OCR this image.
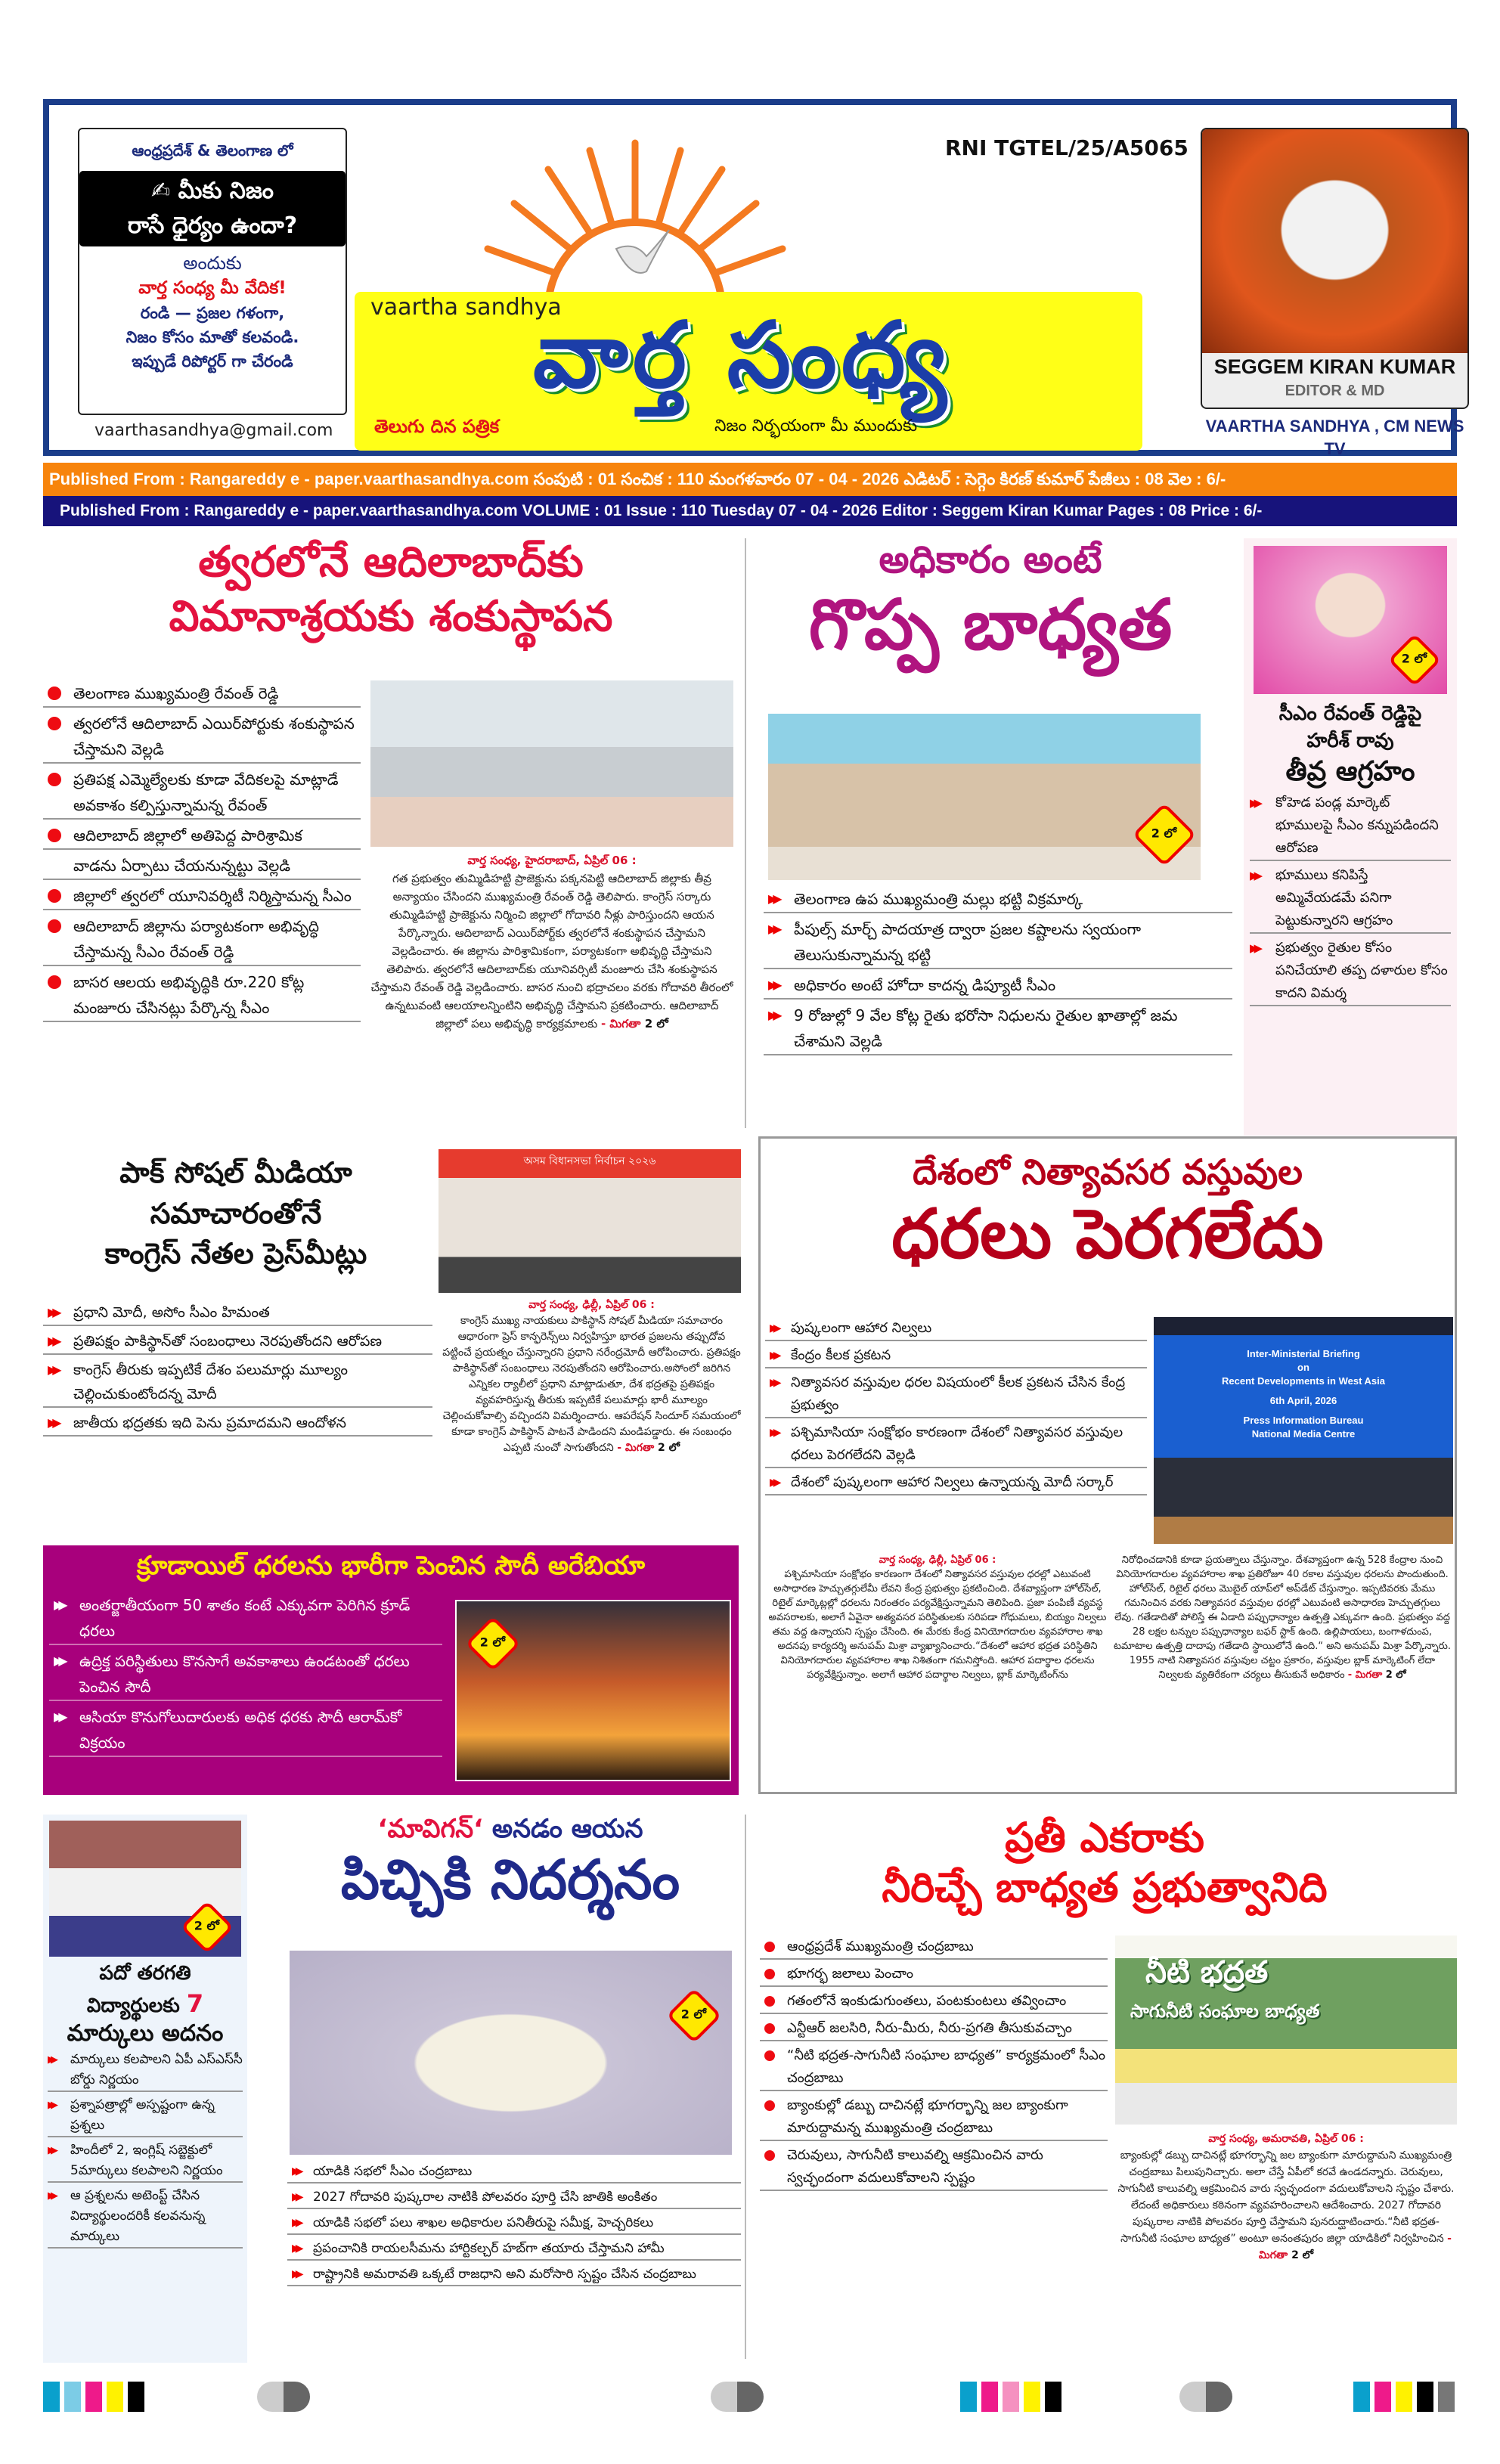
ఆంధ్రప్రదేశ్ & తెలంగాణ లో
✍ మీకు నిజం
రాసే ధైర్యం ఉందా?
అందుకు
వార్త సంధ్య మీ వేదిక!
రండి — ప్రజల గళంగా,
నిజం కోసం మాతో కలవండి.
ఇప్పుడే రిపోర్టర్ గా చేరండి
vaarthasandhya@gmail.com
RNI TGTEL/25/A5065
vaartha sandhya
వార్త సంధ్య
తెలుగు దిన పత్రిక	నిజం నిర్భయంగా మీ ముందుకు
SEGGEM KIRAN KUMAR
EDITOR & MD
VAARTHA SANDHYA , CM NEWS TV
Published From : Rangareddy e - paper.vaarthasandhya.com సంపుటి : 01 సంచిక : 110 మంగళవారం 07 - 04 - 2026 ఎడిటర్ : సెగ్గెం కిరణ్ కుమార్ పేజీలు : 08 వెల : 6/-
Published From : Rangareddy e - paper.vaarthasandhya.com VOLUME : 01 Issue : 110 Tuesday 07 - 04 - 2026 Editor : Seggem Kiran Kumar Pages : 08 Price : 6/-
త్వరలోనే ఆదిలాబాద్‌కు
విమానాశ్రయకు శంకుస్థాపన
తెలంగాణ ముఖ్యమంత్రి రేవంత్ రెడ్డి
త్వరలోనే ఆదిలాబాద్ ఎయిర్‌పోర్టుకు శంకుస్థాపన చేస్తామని వెల్లడి
ప్రతిపక్ష ఎమ్మెల్యేలకు కూడా వేదికలపై మాట్లాడే అవకాశం కల్పిస్తున్నామన్న రేవంత్
ఆదిలాబాద్ జిల్లాలో అతిపెద్ద పారిశ్రామిక
వాడను ఏర్పాటు చేయనున్నట్టు వెల్లడి
జిల్లాలో త్వరలో యూనివర్శిటీ నిర్మిస్తామన్న సీఎం
ఆదిలాబాద్ జిల్లాను పర్యాటకంగా అభివృద్ధి చేస్తామన్న సీఎం రేవంత్ రెడ్డి
బాసర ఆలయ అభివృద్ధికి రూ.220 కోట్ల మంజూరు చేసినట్లు పేర్కొన్న సీఎం
వార్త సంధ్య, హైదరాబాద్, ఏప్రిల్ 06 :
గత ప్రభుత్వం తుమ్మిడిహట్టి ప్రాజెక్టును పక్కనపెట్టి ఆదిలాబాద్ జిల్లాకు తీవ్ర అన్యాయం చేసిందని ముఖ్యమంత్రి రేవంత్ రెడ్డి తెలిపారు. కాంగ్రెస్ సర్కారు తుమ్మిడిహట్టి ప్రాజెక్టును నిర్మించి జిల్లాలో గోదావరి నీళ్లు పారిస్తుందని ఆయన పేర్కొన్నారు. ఆదిలాబాద్ ఎయిర్‌పోర్ట్‌కు త్వరలోనే శంకుస్థాపన చేస్తామని వెల్లడించారు. ఈ జిల్లాను పారిశ్రామికంగా, పర్యాటకంగా అభివృద్ధి చేస్తామని తెలిపారు. త్వరలోనే ఆదిలాబాద్‌కు యూనివర్సిటీ మంజూరు చేసి శంకుస్థాపన చేస్తామని రేవంత్ రెడ్డి వెల్లడించారు. బాసర నుంచి భద్రాచలం వరకు గోదావరి తీరంలో ఉన్నటువంటి ఆలయాలన్నింటిని అభివృద్ధి చేస్తామని ప్రకటించారు. ఆదిలాబాద్ జిల్లాలో పలు అభివృద్ధి కార్యక్రమాలకు - మిగతా 2 లో
అధికారం అంటే
గొప్ప బాధ్యత
2 లో
▶▶ తెలంగాణ ఉప ముఖ్యమంత్రి మల్లు భట్టి విక్రమార్క
▶▶ పీపుల్స్ మార్చ్ పాదయాత్ర ద్వారా ప్రజల కష్టాలను స్వయంగా తెలుసుకున్నామన్న భట్టి
▶▶ అధికారం అంటే హోదా కాదన్న డిప్యూటీ సీఎం
▶▶ 9 రోజుల్లో 9 వేల కోట్ల రైతు భరోసా నిధులను రైతుల ఖాతాల్లో జమ చేశామని వెల్లడి
2 లో
సీఎం రేవంత్ రెడ్డిపై
హరీశ్ రావు
తీవ్ర ఆగ్రహం
▶▶ కోహెడ పండ్ల మార్కెట్ భూములపై సీఎం కన్నుపడిందని ఆరోపణ
▶▶ భూములు కనిపిస్తే అమ్మివేయడమే పనిగా పెట్టుకున్నారని ఆగ్రహం
▶▶ ప్రభుత్వం రైతుల కోసం పనిచేయాలి తప్ప దళారుల కోసం కాదని విమర్శ
పాక్ సోషల్ మీడియా
సమాచారంతోనే
కాంగ్రెస్ నేతల ప్రెస్‌మీట్లు
অসম বিধানসভা নির্বাচন ২০২৬
▶▶ ప్రధాని మోదీ, అసోం సీఎం హిమంత
▶▶ ప్రతిపక్షం పాకిస్థాన్‌తో సంబంధాలు నెరపుతోందని ఆరోపణ
▶▶ కాంగ్రెస్ తీరుకు ఇప్పటికే దేశం పలుమార్లు మూల్యం చెల్లించుకుంటోందన్న మోదీ
▶▶ జాతీయ భద్రతకు ఇది పెను ప్రమాదమని ఆందోళన
వార్త సంధ్య, ఢిల్లీ, ఏప్రిల్ 06 :
కాంగ్రెస్ ముఖ్య నాయకులు పాకిస్థాన్ సోషల్ మీడియా సమాచారం ఆధారంగా ప్రెస్ కాన్ఫరెన్స్‌లు నిర్వహిస్తూ భారత ప్రజలను తప్పుదోవ పట్టించే ప్రయత్నం చేస్తున్నారని ప్రధాని నరేంద్రమోదీ ఆరోపించారు. ప్రతిపక్షం పాకిస్థాన్‌తో సంబంధాలు నెరపుతోందని ఆరోపించారు.అసోంలో జరిగిన ఎన్నికల ర్యాలీలో ప్రధాని మాట్లాడుతూ, దేశ భద్రతపై ప్రతిపక్షం వ్యవహరిస్తున్న తీరుకు ఇప్పటికే పలుమార్లు భారీ మూల్యం చెల్లించుకోవాల్సి వచ్చిందని విమర్శించారు. ఆపరేషన్ సిందూర్ సమయంలో కూడా కాంగ్రెస్ పాకిస్థాన్ పాటనే పాడిందని మండిపడ్డారు. ఈ సంబంధం ఎప్పటి నుంచో సాగుతోందని - మిగతా 2 లో
క్రూడాయిల్ ధరలను భారీగా పెంచిన సౌదీ అరేబియా
▶▶ అంతర్జాతీయంగా 50 శాతం కంటే ఎక్కువగా పెరిగిన క్రూడ్ ధరలు
▶▶ ఉద్రిక్త పరిస్థితులు కొనసాగే అవకాశాలు ఉండటంతో ధరలు పెంచిన సౌదీ
▶▶ ఆసియా కొనుగోలుదారులకు అధిక ధరకు సౌదీ ఆరామ్‌కో విక్రయం
2 లో
దేశంలో నిత్యావసర వస్తువుల
ధరలు పెరగలేదు
▶▶ పుష్కలంగా ఆహార నిల్వలు
▶▶ కేంద్రం కీలక ప్రకటన
▶▶ నిత్యావసర వస్తువుల ధరల విషయంలో కీలక ప్రకటన చేసిన కేంద్ర ప్రభుత్వం
▶▶ పశ్చిమాసియా సంక్షోభం కారణంగా దేశంలో నిత్యావసర వస్తువుల ధరలు పెరగలేదని వెల్లడి
▶▶ దేశంలో పుష్కలంగా ఆహార నిల్వలు ఉన్నాయన్న మోదీ సర్కార్
Inter-Ministerial Briefing
on
Recent Developments in West Asia
6th April, 2026
Press Information Bureau
National Media Centre
వార్త సంధ్య, ఢిల్లీ, ఏప్రిల్ 06 :
పశ్చిమాసియా సంక్షోభం కారణంగా దేశంలో నిత్యావసర వస్తువుల ధరల్లో ఎటువంటి అసాధారణ హెచ్చుతగ్గులేమీ లేవని కేంద్ర ప్రభుత్వం ప్రకటించింది. దేశవ్యాప్తంగా హోల్‌సేల్, రిటైల్ మార్కెట్లల్లో ధరలను నిరంతరం పర్యవేక్షిస్తున్నామని తెలిపింది. ప్రజా పంపిణీ వ్యవస్థ అవసరాలకు, అలాగే ఏవైనా అత్యవసర పరిస్థితులకు సరిపడా గోధుమలు, బియ్యం నిల్వలు తమ వద్ద ఉన్నాయని స్పష్టం చేసింది. ఈ మేరకు కేంద్ర వినియోగదారుల వ్యవహారాల శాఖ అదనపు కార్యదర్శి అనుపమ్ మిశ్రా వ్యాఖ్యానించారు.“దేశంలో ఆహార భద్రత పరిస్థితిని వినియోగదారుల వ్యవహారాల శాఖ నిశితంగా గమనిస్తోంది. ఆహార పదార్థాల ధరలను పర్యవేక్షిస్తున్నాం. అలాగే ఆహార పదార్థాల నిల్వలు, బ్లాక్ మార్కెటింగ్‌ను
నిరోధించడానికి కూడా ప్రయత్నాలు చేస్తున్నాం. దేశవ్యాప్తంగా ఉన్న 528 కేంద్రాల నుంచి వినియోగదారుల వ్యవహారాల శాఖ ప్రతిరోజూ 40 రకాల వస్తువుల ధరలను పొందుతుంది. హోల్‌సేల్, రిటైల్ ధరలు మొబైల్ యాప్‌లో అప్‌డేట్ చేస్తున్నాం. ఇప్పటివరకు మేము గమనించిన వరకు నిత్యావసర వస్తువుల ధరల్లో ఎటువంటి అసాధారణ హెచ్చుతగ్గులు లేవు. గతేడాదితో పోలిస్తే ఈ ఏడాది పప్పుధాన్యాల ఉత్పత్తి ఎక్కువగా ఉంది. ప్రభుత్వం వద్ద 28 లక్షల టన్నుల పప్పుధాన్యాల బఫర్ స్టాక్ ఉంది. ఉల్లిపాయలు, బంగాళదుంప, టమాటాల ఉత్పత్తి దాదాపు గతేడాది స్థాయిలోనే ఉంది.“ అని అనుపమ్ మిశ్రా పేర్కొన్నారు. 1955 నాటి నిత్యావసర వస్తువుల చట్టం ప్రకారం, వస్తువుల బ్లాక్ మార్కెటింగ్ లేదా నిల్వలకు వ్యతిరేకంగా చర్యలు తీసుకునే అధికారం - మిగతా 2 లో
2 లో
పదో తరగతి
విద్యార్థులకు 7
మార్కులు అదనం
▶▶ మార్కులు కలపాలని ఏపీ ఎస్ఎస్‌సీ బోర్డు నిర్ణయం
▶▶ ప్రశ్నాపత్రాల్లో అస్పష్టంగా ఉన్న ప్రశ్నలు
▶▶ హిందీలో 2, ఇంగ్లిష్ సబ్జెక్టులో 5మార్కులు కలపాలని నిర్ణయం
▶▶ ఆ ప్రశ్నలను అటెంప్ట్ చేసిన విద్యార్థులందరికీ కలవనున్న మార్కులు
‘మావిగన్‘ అనడం ఆయన
పిచ్చికి నిదర్శనం
2 లో
▶▶ యాడికి సభలో సీఎం చంద్రబాబు
▶▶ 2027 గోదావరి పుష్కరాల నాటికి పోలవరం పూర్తి చేసి జాతికి అంకితం
▶▶ యాడికి సభలో పలు శాఖల అధికారుల పనితీరుపై సమీక్ష, హెచ్చరికలు
▶▶ ప్రపంచానికి రాయలసీమను హార్టికల్చర్ హబ్‌గా తయారు చేస్తామని హామీ
▶▶ రాష్ట్రానికి అమరావతి ఒక్కటే రాజధాని అని మరోసారి స్పష్టం చేసిన చంద్రబాబు
ప్రతీ ఎకరాకు
నీరిచ్చే బాధ్యత ప్రభుత్వానిది
ఆంధ్రప్రదేశ్ ముఖ్యమంత్రి చంద్రబాబు
భూగర్భ జలాలు పెంచాం
గతంలోనే ఇంకుడుగుంతలు, పంటకుంటలు తవ్వించాం
ఎన్టీఆర్ జలసిరి, నీరు-మీరు, నీరు-ప్రగతి తీసుకువచ్చాం
“నీటి భద్రత-సాగునీటి సంఘాల బాధ్యత” కార్యక్రమంలో సీఎం చంద్రబాబు
బ్యాంకుల్లో డబ్బు దాచినట్లే భూగర్భాన్ని జల బ్యాంకుగా మారుద్దామన్న ముఖ్యమంత్రి చంద్రబాబు
చెరువులు, సాగునీటి కాలువల్ని ఆక్రమించిన వారు స్వచ్ఛందంగా వదులుకోవాలని స్పష్టం
నీటి భద్రత
సాగునీటి సంఘాల బాధ్యత
వార్త సంధ్య, అమరావతి, ఏప్రిల్ 06 :
బ్యాంకుల్లో డబ్బు దాచినట్లే భూగర్భాన్ని జల బ్యాంకుగా మారుద్దామని ముఖ్యమంత్రి చంద్రబాబు పిలుపునిచ్చారు. అలా చేస్తే ఏపీలో కరవే ఉండదన్నారు. చెరువులు, సాగునీటి కాలువల్ని ఆక్రమించిన వారు స్వచ్ఛందంగా వదులుకోవాలని స్పష్టం చేశారు. లేదంటే అధికారులు కఠినంగా వ్యవహరించాలని ఆదేశించారు. 2027 గోదావరి పుష్కరాల నాటికి పోలవరం పూర్తి చేస్తామని పునరుద్ఘాటించారు.“నీటి భద్రత-సాగునీటి సంఘాల బాధ్యత” అంటూ అనంతపురం జిల్లా యాడికిలో నిర్వహించిన - మిగతా 2 లో
